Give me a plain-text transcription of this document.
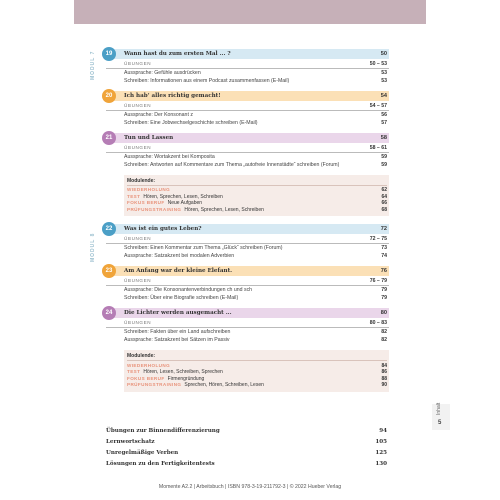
MODUL 7
MODUL 8
Inhalt
5
19	Wann hast du zum ersten Mal ... ?	50
ÜBUNGEN	50 – 53
Aussprache: Gefühle ausdrücken	53
Schreiben: Informationen aus einem Podcast zusammenfassen (E-Mail)	53
20	Ich hab’ alles richtig gemacht!	54
ÜBUNGEN	54 – 57
Aussprache: Der Konsonant z	56
Schreiben: Eine Jobwechselgeschichte schreiben (E-Mail)	57
21	Tun und Lassen	58
ÜBUNGEN	58 – 61
Aussprache: Wortakzent bei Komposita	59
Schreiben: Antworten auf Kommentare zum Thema „autofreie Innenstädte“ schreiben (Forum)	59
Modulende:
WIEDERHOLUNG	62
TEST Hören, Sprechen, Lesen, Schreiben	64
FOKUS BERUF Neue Aufgaben	66
PRÜFUNGSTRAINING Hören, Sprechen, Lesen, Schreiben	68
22	Was ist ein gutes Leben?	72
ÜBUNGEN	72 – 75
Schreiben: Einen Kommentar zum Thema „Glück“ schreiben (Forum)	73
Aussprache: Satzakzent bei modalen Adverbien	74
23	Am Anfang war der kleine Elefant.	76
ÜBUNGEN	76 – 79
Aussprache: Die Konsonantenverbindungen ch und sch	79
Schreiben: Über eine Biografie schreiben (E-Mail)	79
24	Die Lichter werden ausgemacht ...	80
ÜBUNGEN	80 – 83
Schreiben: Fakten über ein Land aufschreiben	82
Aussprache: Satzakzent bei Sätzen im Passiv	82
Modulende:
WIEDERHOLUNG	84
TEST Hören, Lesen, Schreiben, Sprechen	86
FOKUS BERUF Firmengründung	88
PRÜFUNGSTRAINING Sprechen, Hören, Schreiben, Lesen	90
Übungen zur Binnendifferenzierung	94
Lernwortschatz	105
Unregelmäßige Verben	125
Lösungen zu den Fertigkeitentests	130
Momente A2.2 | Arbeitsbuch | ISBN 978-3-19-211792-3 | © 2022 Hueber Verlag
